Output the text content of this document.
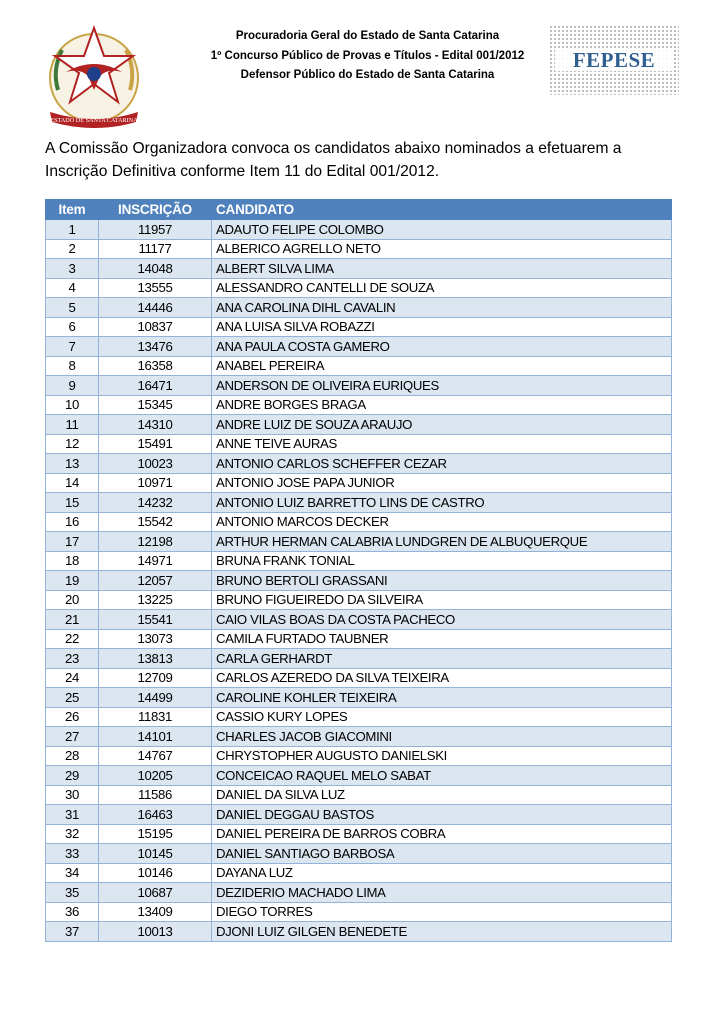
ESTADO DE SANTA CATARINA
Procuradoria Geral do Estado de Santa Catarina
1º Concurso Público de Provas e Títulos - Edital 001/2012
Defensor Público do Estado de Santa Catarina
FEPESE
A Comissão Organizadora convoca os candidatos abaixo nominados a efetuarem a
Inscrição Definitiva conforme Item 11 do Edital 001/2012.
Item	INSCRIÇÃO	CANDIDATO
1	11957	ADAUTO FELIPE COLOMBO
2	11177	ALBERICO AGRELLO NETO
3	14048	ALBERT SILVA LIMA
4	13555	ALESSANDRO CANTELLI DE SOUZA
5	14446	ANA CAROLINA DIHL CAVALIN
6	10837	ANA LUISA SILVA ROBAZZI
7	13476	ANA PAULA COSTA GAMERO
8	16358	ANABEL PEREIRA
9	16471	ANDERSON DE OLIVEIRA EURIQUES
10	15345	ANDRE BORGES BRAGA
11	14310	ANDRE LUIZ DE SOUZA ARAUJO
12	15491	ANNE TEIVE AURAS
13	10023	ANTONIO CARLOS SCHEFFER CEZAR
14	10971	ANTONIO JOSE PAPA JUNIOR
15	14232	ANTONIO LUIZ BARRETTO LINS DE CASTRO
16	15542	ANTONIO MARCOS DECKER
17	12198	ARTHUR HERMAN CALABRIA LUNDGREN DE ALBUQUERQUE
18	14971	BRUNA FRANK TONIAL
19	12057	BRUNO BERTOLI GRASSANI
20	13225	BRUNO FIGUEIREDO DA SILVEIRA
21	15541	CAIO VILAS BOAS DA COSTA PACHECO
22	13073	CAMILA FURTADO TAUBNER
23	13813	CARLA GERHARDT
24	12709	CARLOS AZEREDO DA SILVA TEIXEIRA
25	14499	CAROLINE KOHLER TEIXEIRA
26	11831	CASSIO KURY LOPES
27	14101	CHARLES JACOB GIACOMINI
28	14767	CHRYSTOPHER AUGUSTO DANIELSKI
29	10205	CONCEICAO RAQUEL MELO SABAT
30	11586	DANIEL DA SILVA LUZ
31	16463	DANIEL DEGGAU BASTOS
32	15195	DANIEL PEREIRA DE BARROS COBRA
33	10145	DANIEL SANTIAGO BARBOSA
34	10146	DAYANA LUZ
35	10687	DEZIDERIO MACHADO LIMA
36	13409	DIEGO TORRES
37	10013	DJONI LUIZ GILGEN BENEDETE
